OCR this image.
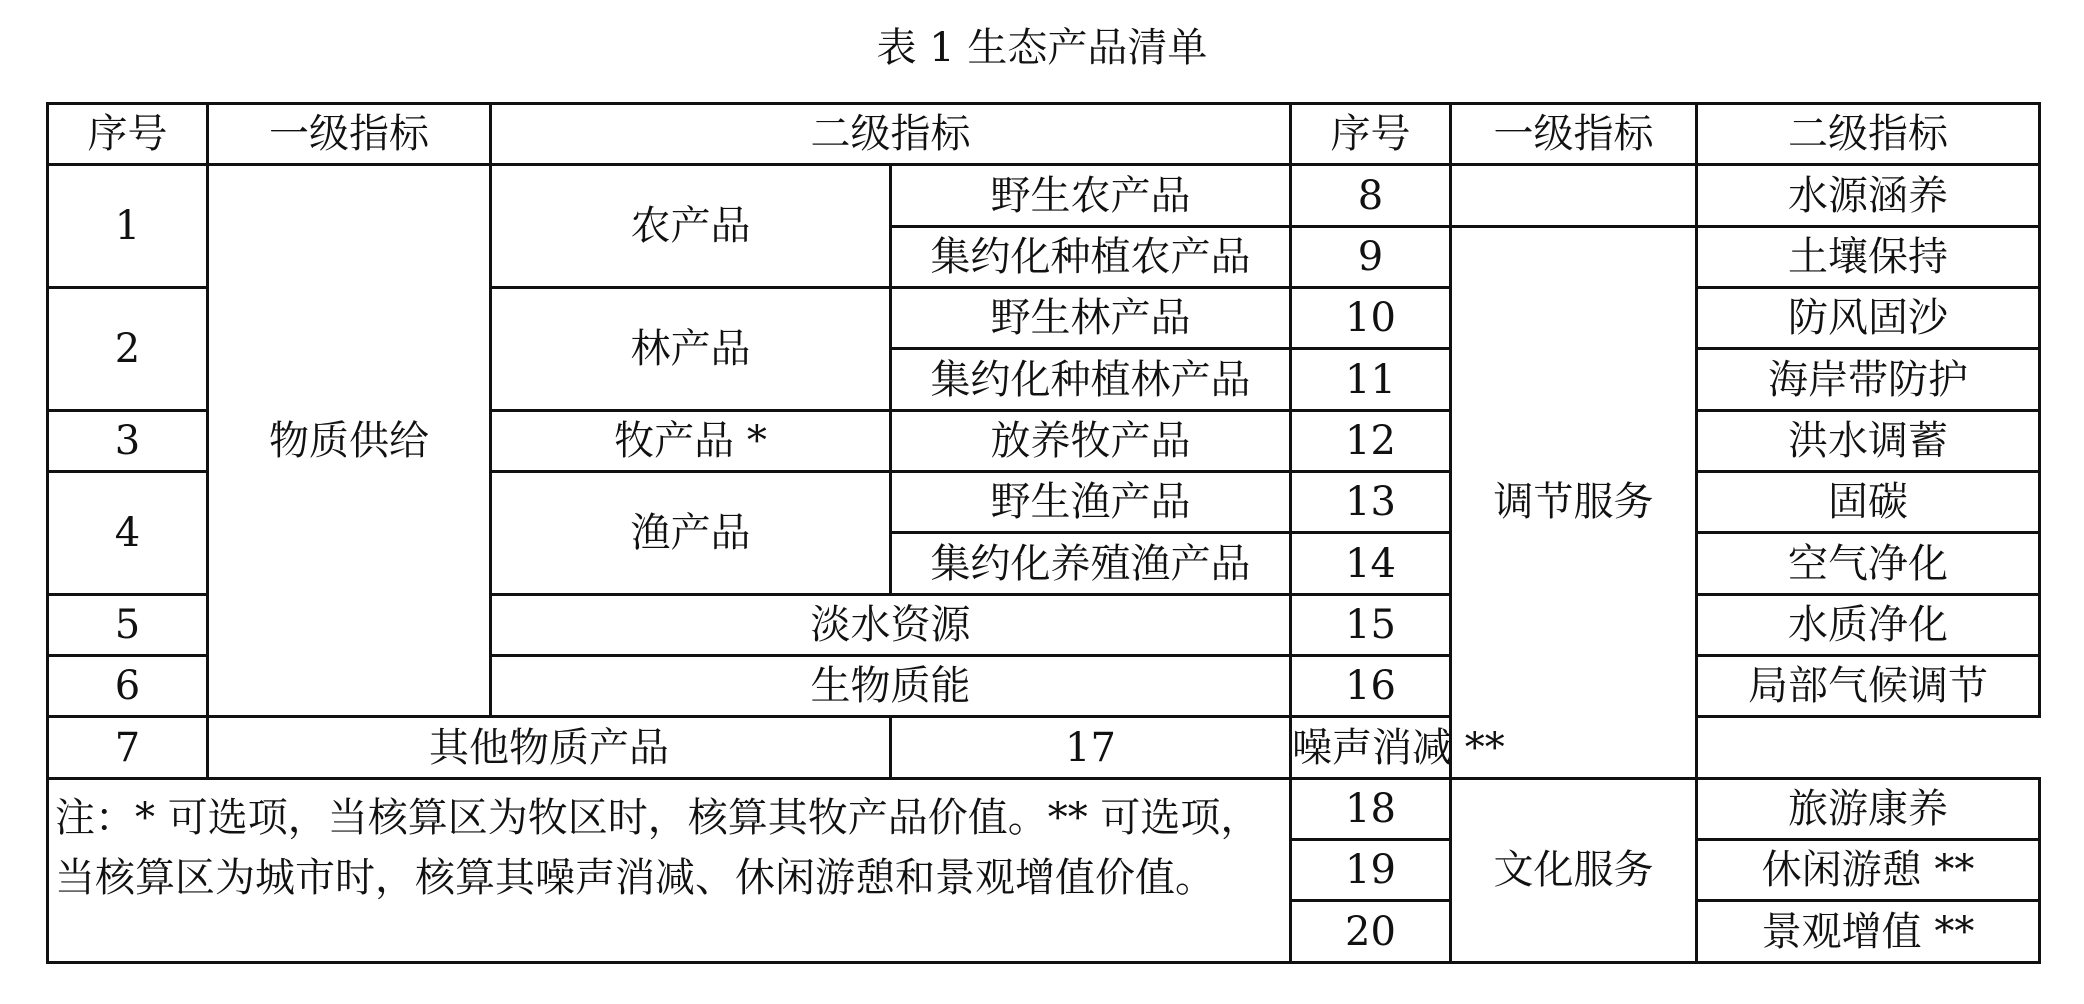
表 1 生态产品清单
序号	一级指标	二级指标		序号	一级指标	二级指标
1	物质供给	农产品	野生农产品	8		水源涵养
			集约化种植农产品	9	调节服务	土壤保持
2		林产品	野生林产品	10		防风固沙
			集约化种植林产品	11		海岸带防护
3		牧产品 *	放养牧产品	12		洪水调蓄
4		渔产品	野生渔产品	13		固碳
			集约化养殖渔产品	14		空气净化
5		淡水资源		15		水质净化
6		生物质能		16		局部气候调节
7	其他物质产品		17	噪声消减 **		
注：* 可选项，当核算区为牧区时，核算其牧产品价值。** 可选项，当核算区为城市时，核算其噪声消减、休闲游憩和景观增值价值。				18	文化服务	旅游康养
				19		休闲游憩 **
				20		景观增值 **
